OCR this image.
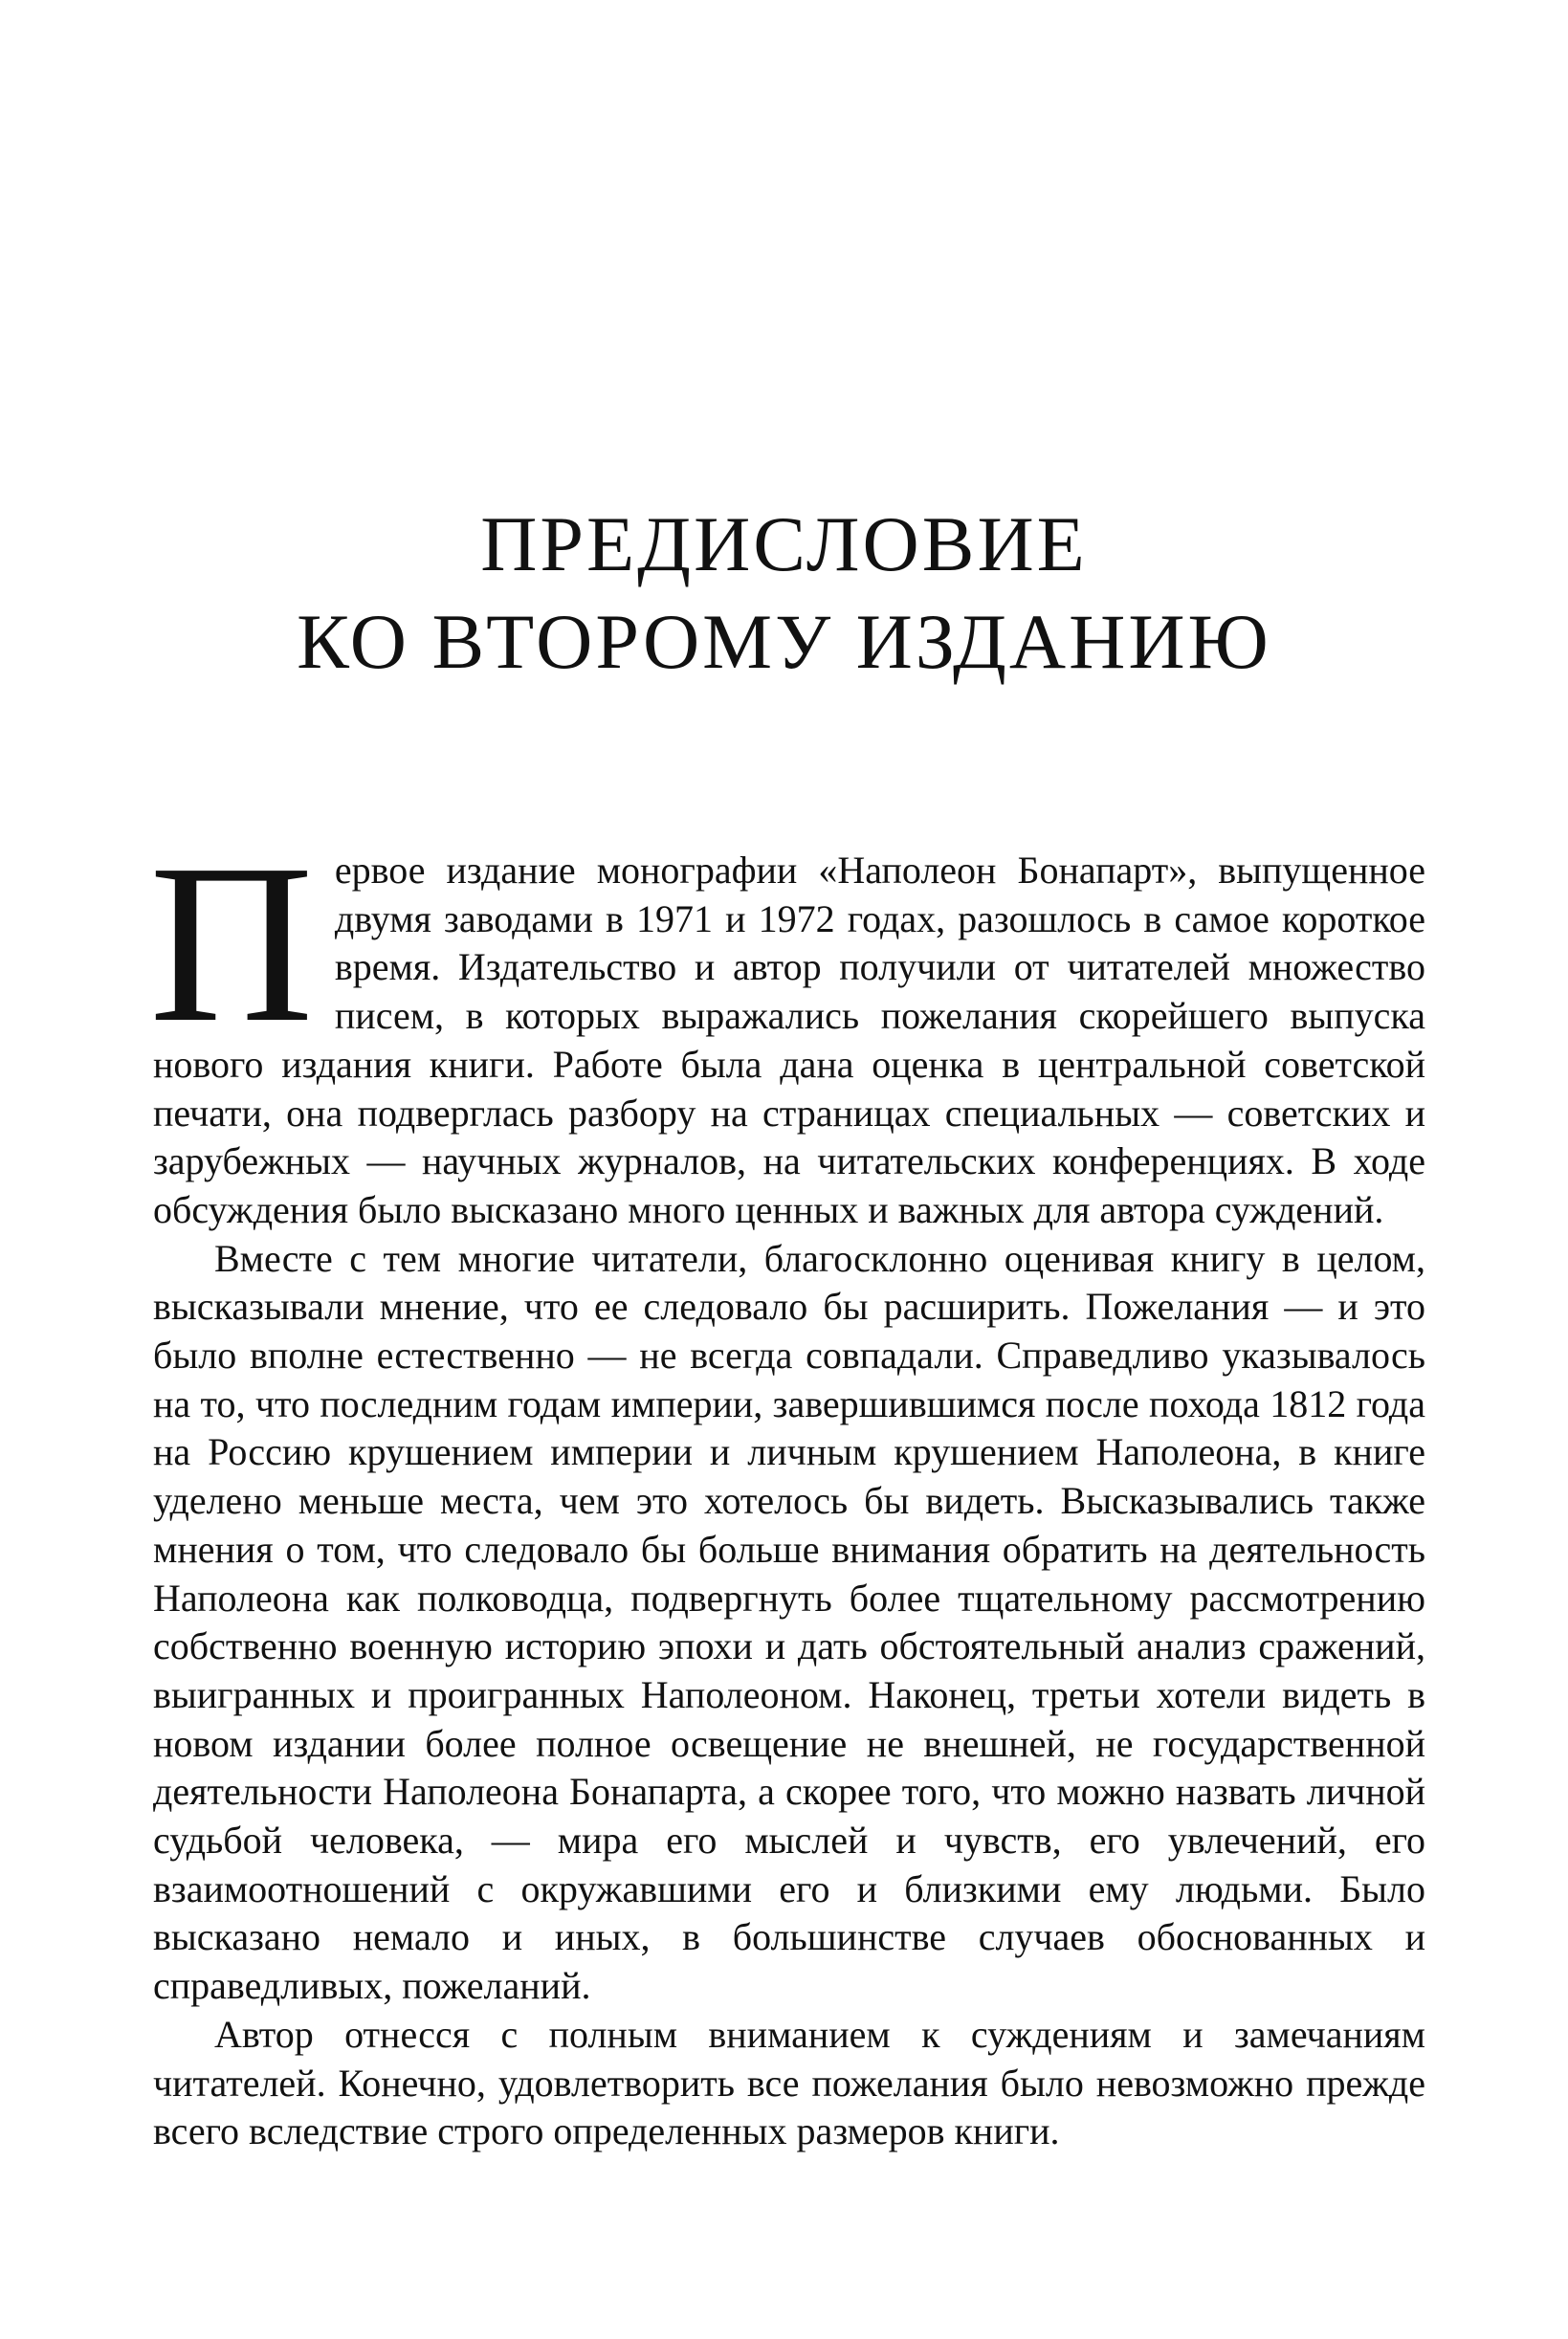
ПРЕДИСЛОВИЕ
КО ВТОРОМУ ИЗДАНИЮ

Первое издание монографии «Наполеон Бонапарт», выпущенное двумя заводами в 1971 и 1972 годах, разошлось в самое короткое время. Издательство и автор получили от читателей множество писем, в которых выражались пожелания скорейшего выпуска нового издания книги. Работе была дана оценка в центральной советской печати, она подверглась разбору на страницах специальных — советских и зарубежных — научных журналов, на читательских конференциях. В ходе обсуждения было высказано много ценных и важных для автора суждений.

Вместе с тем многие читатели, благосклонно оценивая книгу в целом, высказывали мнение, что ее следовало бы расширить. Пожелания — и это было вполне естественно — не всегда совпадали. Справедливо указывалось на то, что последним годам империи, завершившимся после похода 1812 года на Россию крушением империи и личным крушением Наполеона, в книге уделено меньше места, чем это хотелось бы видеть. Высказывались также мнения о том, что следовало бы больше внимания обратить на деятельность Наполеона как полководца, подвергнуть более тщательному рассмотрению собственно военную историю эпохи и дать обстоятельный анализ сражений, выигранных и проигранных Наполеоном. Наконец, третьи хотели видеть в новом издании более полное освещение не внешней, не государственной деятельности Наполеона Бонапарта, а скорее того, что можно назвать личной судьбой человека, — мира его мыслей и чувств, его увлечений, его взаимоотношений с окружавшими его и близкими ему людьми. Было высказано немало и иных, в большинстве случаев обоснованных и справедливых, пожеланий.

Автор отнесся с полным вниманием к суждениям и замечаниям читателей. Конечно, удовлетворить все пожелания было невозможно прежде всего вследствие строго определенных размеров книги.
